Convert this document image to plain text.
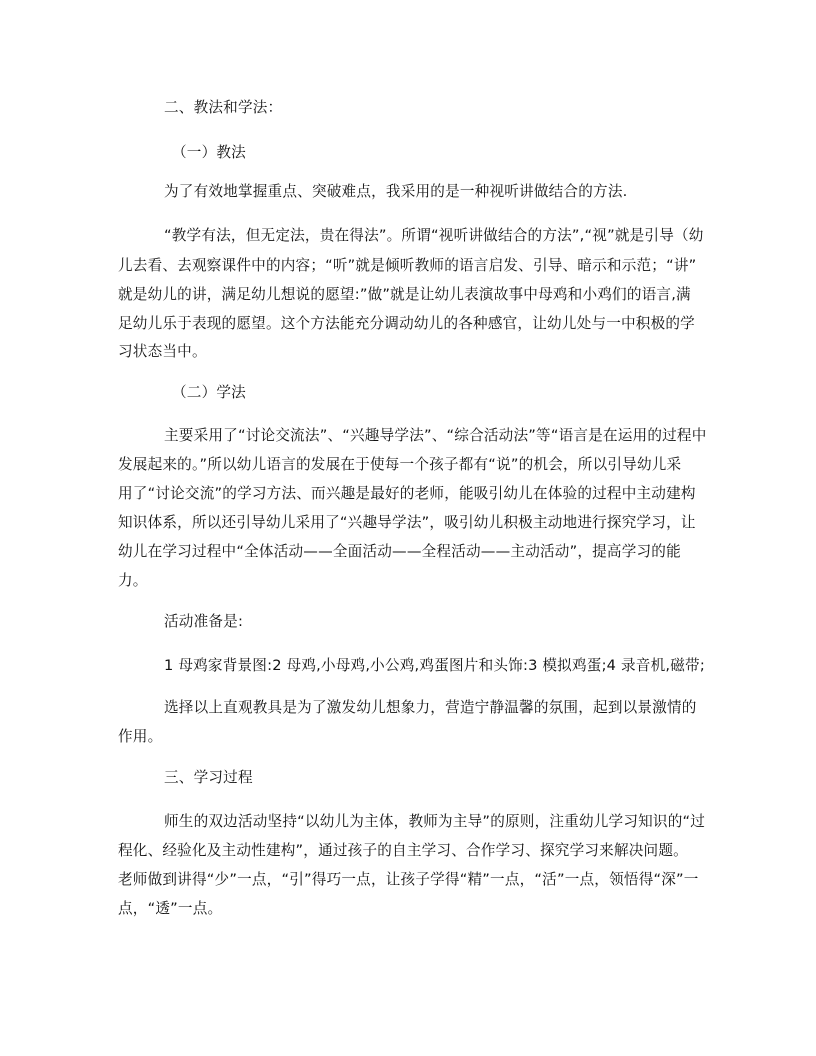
二、教法和学法：
（一）教法
为了有效地掌握重点、突破难点，我采用的是一种视听讲做结合的方法.
“教学有法，但无定法，贵在得法”。所谓“视听讲做结合的方法”,“视”就是引导（幼
儿去看、去观察课件中的内容；“听”就是倾听教师的语言启发、引导、暗示和示范；“讲”
就是幼儿的讲，满足幼儿想说的愿望:”做”就是让幼儿表演故事中母鸡和小鸡们的语言,满
足幼儿乐于表现的愿望。这个方法能充分调动幼儿的各种感官，让幼儿处与一中积极的学
习状态当中。
（二）学法
主要采用了“讨论交流法”、“兴趣导学法”、“综合活动法”等“语言是在运用的过程中
发展起来的。”所以幼儿语言的发展在于使每一个孩子都有“说”的机会，所以引导幼儿采
用了“讨论交流”的学习方法、而兴趣是最好的老师，能吸引幼儿在体验的过程中主动建构
知识体系，所以还引导幼儿采用了“兴趣导学法”，吸引幼儿积极主动地进行探究学习，让
幼儿在学习过程中“全体活动——全面活动——全程活动——主动活动”，提高学习的能
力。
活动准备是:
1 母鸡家背景图:2 母鸡,小母鸡,小公鸡,鸡蛋图片和头饰:3 模拟鸡蛋;4 录音机,磁带;
选择以上直观教具是为了激发幼儿想象力，营造宁静温馨的氛围，起到以景激情的
作用。
三、学习过程
师生的双边活动坚持“以幼儿为主体，教师为主导”的原则，注重幼儿学习知识的“过
程化、经验化及主动性建构”，通过孩子的自主学习、合作学习、探究学习来解决问题。
老师做到讲得“少”一点，“引”得巧一点，让孩子学得“精”一点，“活”一点，领悟得“深”一
点，“透”一点。
